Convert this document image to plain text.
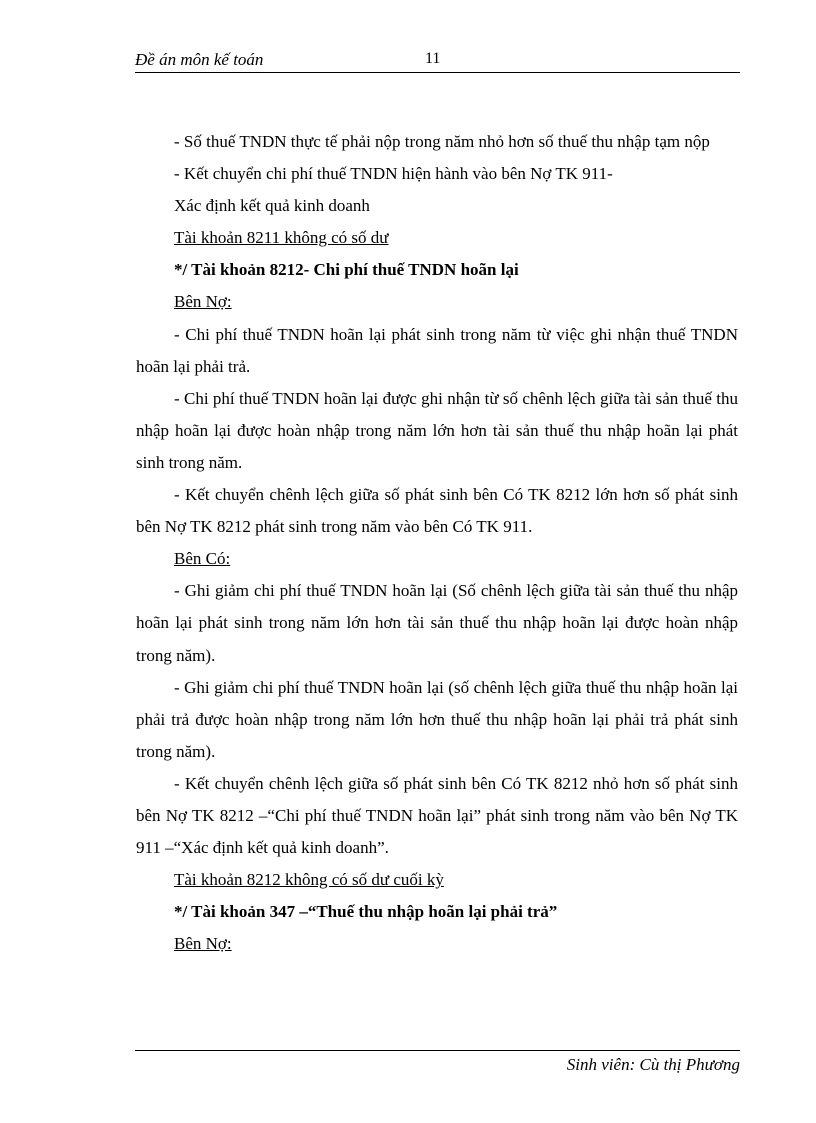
Đề án môn kế toán	11

- Số thuế TNDN thực tế phải nộp trong năm nhỏ hơn số thuế thu nhập tạm nộp

- Kết chuyển chi phí thuế TNDN hiện hành vào bên Nợ TK 911-

Xác định kết quả kinh doanh

Tài khoản 8211 không có số dư

*/ Tài khoản 8212- Chi phí thuế TNDN hoãn lại

Bên Nợ:

- Chi phí thuế TNDN hoãn lại phát sinh trong năm từ việc ghi nhận thuế TNDN hoãn lại phải trả.

- Chi phí thuế TNDN hoãn lại được ghi nhận từ số chênh lệch giữa tài sản thuế thu nhập hoãn lại được hoàn nhập trong năm lớn hơn tài sản thuế thu nhập hoãn lại phát sinh trong năm.

- Kết chuyển chênh lệch giữa số phát sinh bên Có TK 8212 lớn hơn số phát sinh bên Nợ TK 8212 phát sinh trong năm vào bên Có TK 911.

Bên Có:

- Ghi giảm chi phí thuế TNDN hoãn lại (Số chênh lệch giữa tài sản thuế thu nhập hoãn lại phát sinh trong năm lớn hơn tài sản thuế thu nhập hoãn lại được hoàn nhập trong năm).

- Ghi giảm chi phí thuế TNDN hoãn lại (số chênh lệch giữa thuế thu nhập hoãn lại phải trả được hoàn nhập trong năm lớn hơn thuế thu nhập hoãn lại phải trả phát sinh trong năm).

- Kết chuyển chênh lệch giữa số phát sinh bên Có TK 8212 nhỏ hơn số phát sinh bên Nợ TK 8212 –“Chi phí thuế TNDN hoãn lại” phát sinh trong năm vào bên Nợ TK 911 –“Xác định kết quả kinh doanh”.

Tài khoản 8212 không có số dư cuối kỳ

*/ Tài khoản 347 –“Thuế thu nhập hoãn lại phải trả”

Bên Nợ:

Sinh viên: Cù thị Phương
